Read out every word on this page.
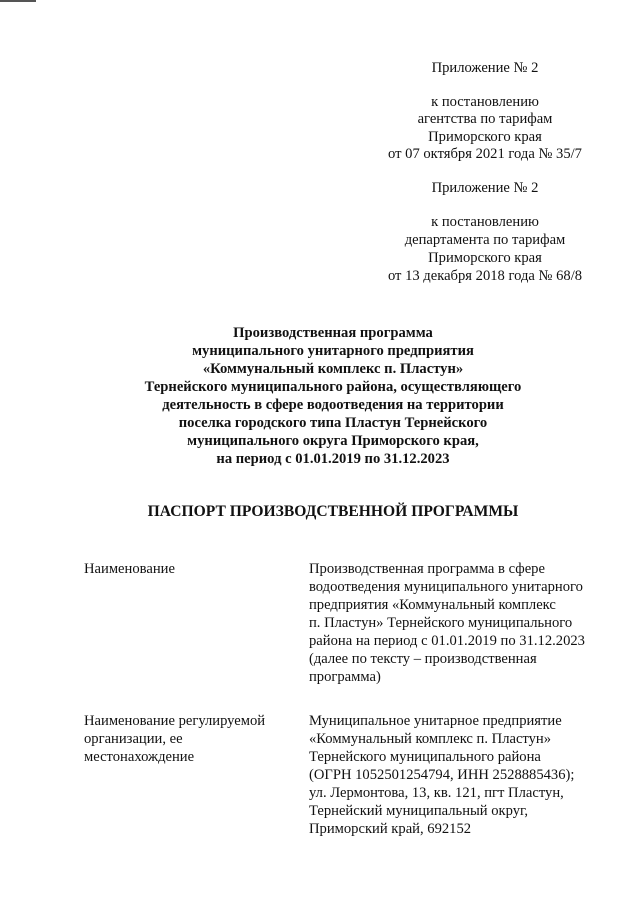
Приложение № 2
к постановлению
агентства по тарифам
Приморского края
от 07 октября 2021 года № 35/7
Приложение № 2
к постановлению
департамента по тарифам
Приморского края
от 13 декабря 2018 года № 68/8
Производственная программа
муниципального унитарного предприятия
«Коммунальный комплекс п. Пластун»
Тернейского муниципального района, осуществляющего
деятельность в сфере водоотведения на территории
поселка городского типа Пластун Тернейского
муниципального округа Приморского края,
на период с 01.01.2019 по 31.12.2023
ПАСПОРТ ПРОИЗВОДСТВЕННОЙ ПРОГРАММЫ
Наименование	Производственная программа в сфере
водоотведения муниципального унитарного
предприятия «Коммунальный комплекс
п. Пластун» Тернейского муниципального
района на период с 01.01.2019 по 31.12.2023
(далее по тексту – производственная
программа)
Наименование регулируемой
организации, ее
местонахождение
Муниципальное унитарное предприятие
«Коммунальный комплекс п. Пластун»
Тернейского муниципального района
(ОГРН 1052501254794, ИНН 2528885436);
ул. Лермонтова, 13, кв. 121, пгт Пластун,
Тернейский муниципальный округ,
Приморский край, 692152
